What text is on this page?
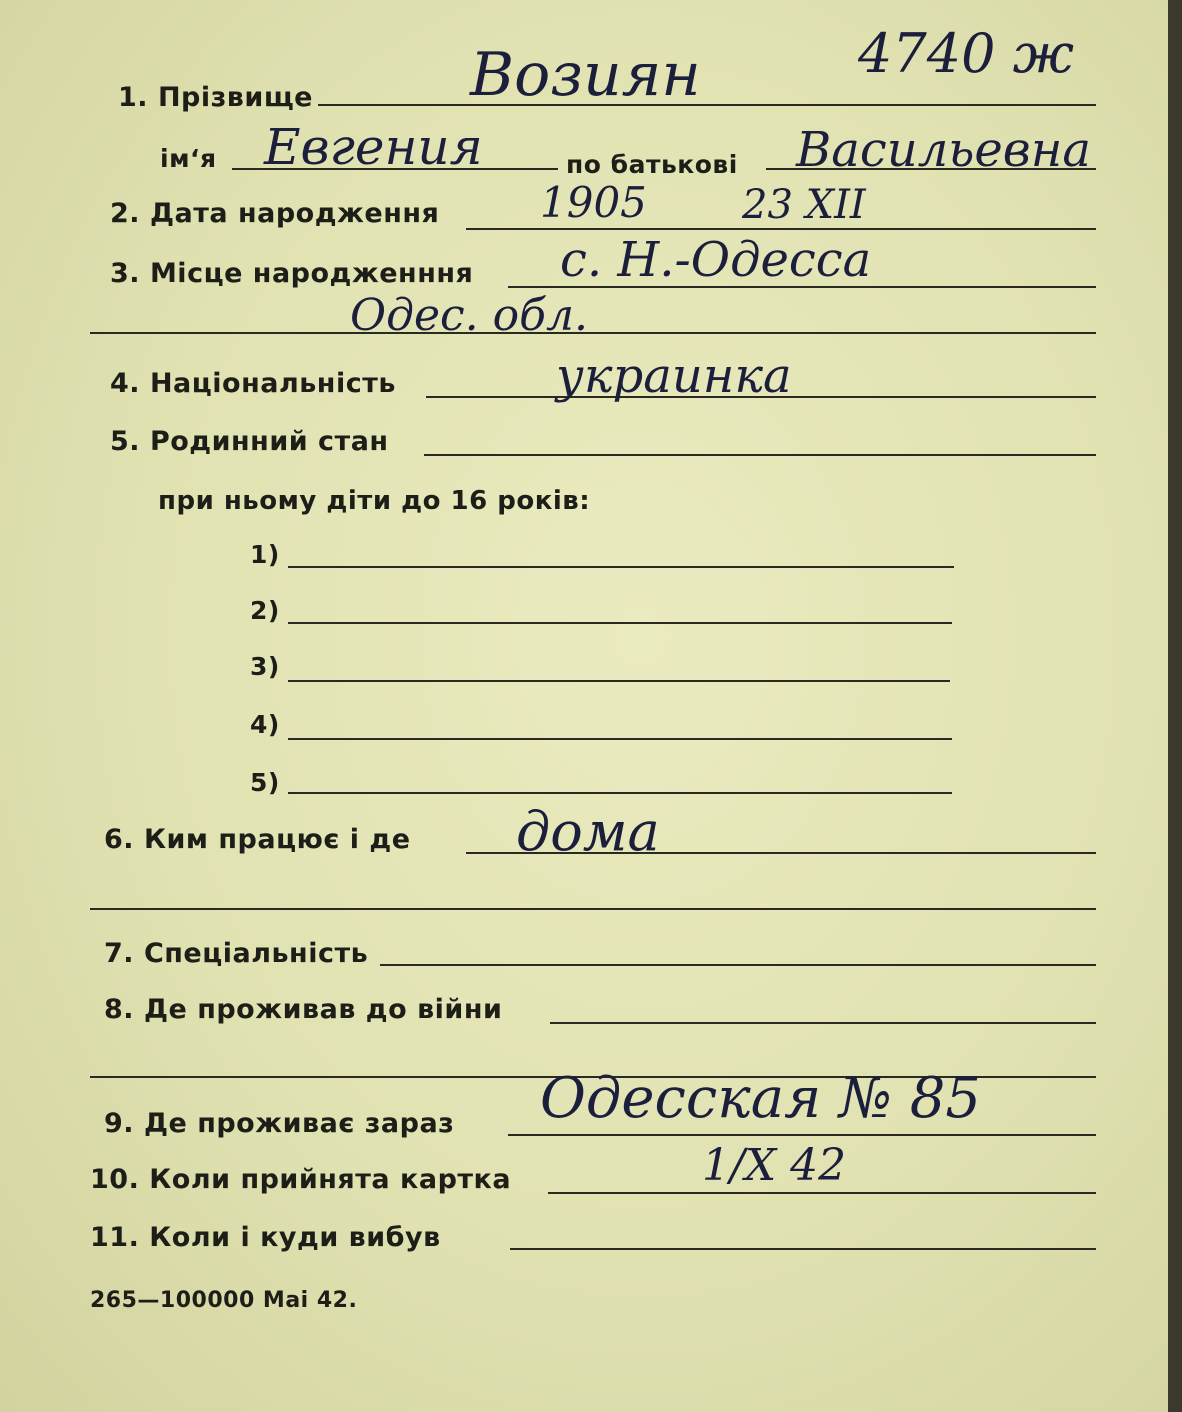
4740 ж
1. Прізвище	Возиян
ім‘я Евгения	по батькові Васильевна
2. Дата народження 1905 23 XII
3. Місце народженння с. Н.-Одесса
Одес. обл.
4. Національність	украинка
5. Родинний стан
при ньому діти до 16 років:
1)
2)
3)
4)
5)
6. Ким працює і де дома
7. Спеціальність
8. Де проживав до війни
9. Де проживає зараз Одесская № 85
10. Коли прийнята картка	1/X 42
11. Коли і куди вибув
265—100000 Mai 42.
